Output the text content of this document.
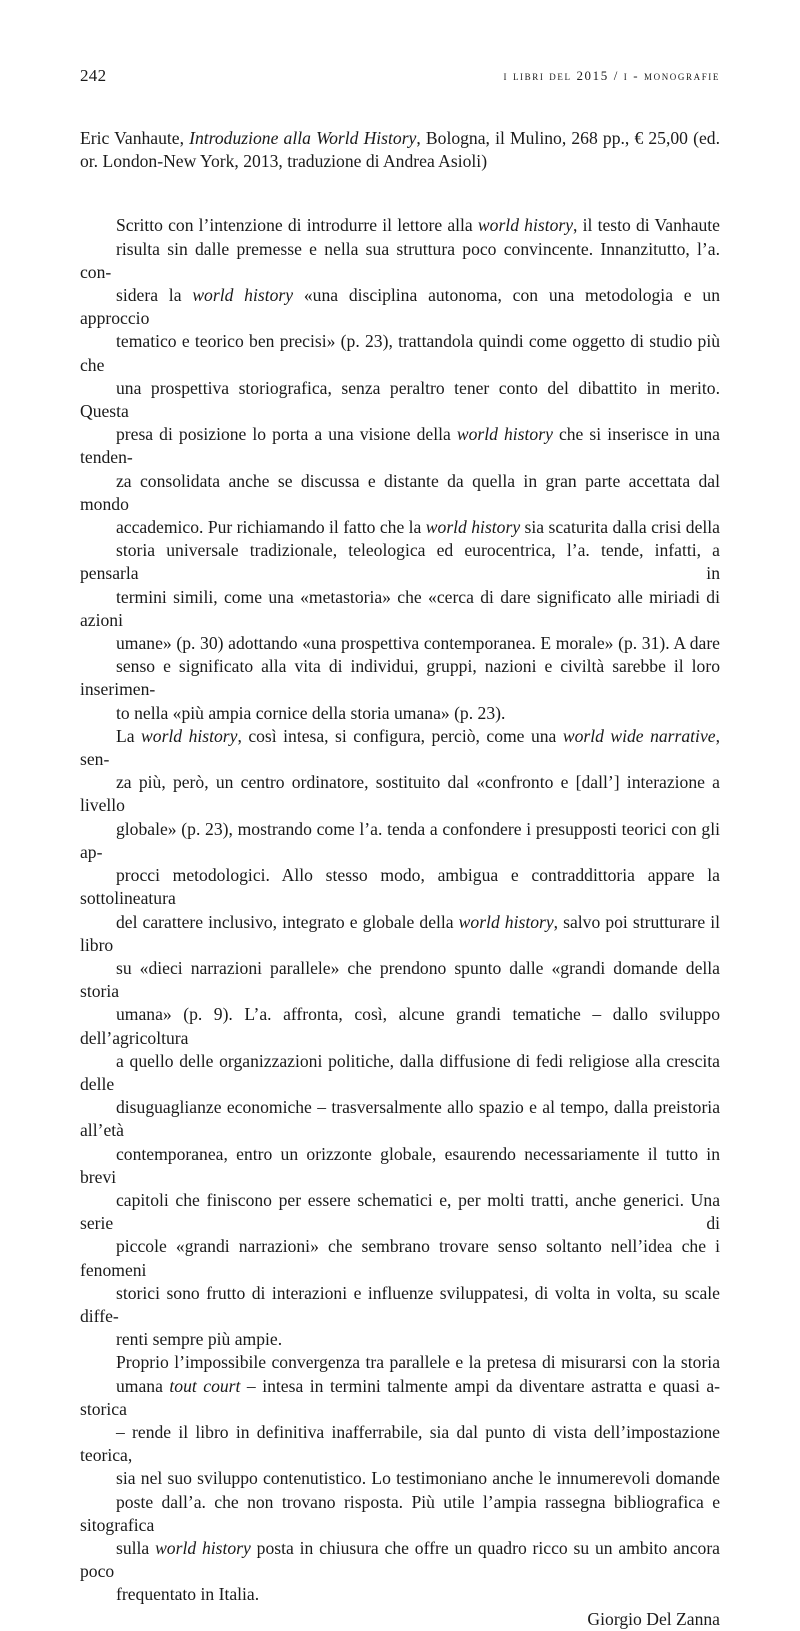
242	i libri del 2015 / i - monografie

Eric Vanhaute, Introduzione alla World History, Bologna, il Mulino, 268 pp., € 25,00 (ed.
or. London-New York, 2013, traduzione di Andrea Asioli)

Scritto con l’intenzione di introdurre il lettore alla world history, il testo di Vanhaute
risulta sin dalle premesse e nella sua struttura poco convincente. Innanzitutto, l’a. con-
sidera la world history «una disciplina autonoma, con una metodologia e un approccio
tematico e teorico ben precisi» (p. 23), trattandola quindi come oggetto di studio più che
una prospettiva storiografica, senza peraltro tener conto del dibattito in merito. Questa
presa di posizione lo porta a una visione della world history che si inserisce in una tenden-
za consolidata anche se discussa e distante da quella in gran parte accettata dal mondo
accademico. Pur richiamando il fatto che la world history sia scaturita dalla crisi della
storia universale tradizionale, teleologica ed eurocentrica, l’a. tende, infatti, a pensarla in
termini simili, come una «metastoria» che «cerca di dare significato alle miriadi di azioni
umane» (p. 30) adottando «una prospettiva contemporanea. E morale» (p. 31). A dare
senso e significato alla vita di individui, gruppi, nazioni e civiltà sarebbe il loro inserimen-
to nella «più ampia cornice della storia umana» (p. 23).

La world history, così intesa, si configura, perciò, come una world wide narrative, sen-
za più, però, un centro ordinatore, sostituito dal «confronto e [dall’] interazione a livello
globale» (p. 23), mostrando come l’a. tenda a confondere i presupposti teorici con gli ap-
procci metodologici. Allo stesso modo, ambigua e contraddittoria appare la sottolineatura
del carattere inclusivo, integrato e globale della world history, salvo poi strutturare il libro
su «dieci narrazioni parallele» che prendono spunto dalle «grandi domande della storia
umana» (p. 9). L’a. affronta, così, alcune grandi tematiche – dallo sviluppo dell’agricoltura
a quello delle organizzazioni politiche, dalla diffusione di fedi religiose alla crescita delle
disuguaglianze economiche – trasversalmente allo spazio e al tempo, dalla preistoria all’età
contemporanea, entro un orizzonte globale, esaurendo necessariamente il tutto in brevi
capitoli che finiscono per essere schematici e, per molti tratti, anche generici. Una serie di
piccole «grandi narrazioni» che sembrano trovare senso soltanto nell’idea che i fenomeni
storici sono frutto di interazioni e influenze sviluppatesi, di volta in volta, su scale diffe-
renti sempre più ampie.

Proprio l’impossibile convergenza tra parallele e la pretesa di misurarsi con la storia
umana tout court – intesa in termini talmente ampi da diventare astratta e quasi a-storica
– rende il libro in definitiva inafferrabile, sia dal punto di vista dell’impostazione teorica,
sia nel suo sviluppo contenutistico. Lo testimoniano anche le innumerevoli domande
poste dall’a. che non trovano risposta. Più utile l’ampia rassegna bibliografica e sitografica
sulla world history posta in chiusura che offre un quadro ricco su un ambito ancora poco
frequentato in Italia.

Giorgio Del Zanna
